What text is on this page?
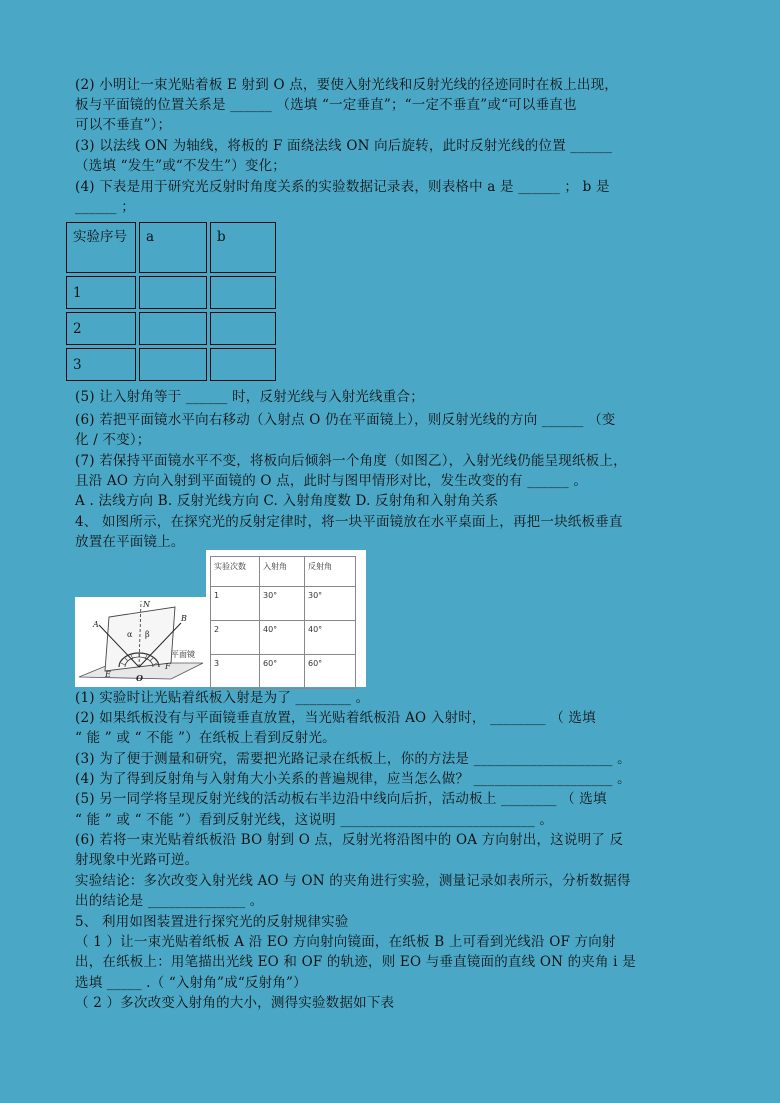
(2) 小明让一束光贴着板 E 射到 O 点，要使入射光线和反射光线的径迹同时在板上出现，
板与平面镜的位置关系是 ______ （选填 “一定垂直”；“一定不垂直”或“可以垂直也
可以不垂直”）；
(3) 以法线 ON 为轴线，将板的 F 面绕法线 ON 向后旋转，此时反射光线的位置 ______
（选填 “发生”或“不发生”）变化；
(4) 下表是用于研究光反射时角度关系的实验数据记录表，则表格中 a 是 ______ ； b 是
______ ；
实验序号	a	b
1		
2		
3		
(5) 让入射角等于 ______ 时，反射光线与入射光线重合；
(6) 若把平面镜水平向右移动（入射点 O 仍在平面镜上），则反射光线的方向 ______ （变
化 / 不变）；
(7) 若保持平面镜水平不变，将板向后倾斜一个角度（如图乙），入射光线仍能呈现纸板上，
且沿 AO 方向入射到平面镜的 O 点，此时与图甲情形对比，发生改变的有 ______ 。
A . 法线方向 B. 反射光线方向 C. 入射角度数 D. 反射角和入射角关系
4、 如图所示，在探究光的反射定律时，将一块平面镜放在水平桌面上，再把一块纸板垂直
放置在平面镜上。
N
A
B
α β
E	O
F
平面镜
实验次数	入射角	反射角
1	30°	30°
2	40°	40°
3	60°	60°
(1) 实验时让光贴着纸板入射是为了 ________ 。
(2) 如果纸板没有与平面镜垂直放置，当光贴着纸板沿 AO 入射时， ________ （ 选填
“ 能 ” 或 “ 不能 ”）在纸板上看到反射光。
(3) 为了便于测量和研究，需要把光路记录在纸板上，你的方法是 ____________________ 。
(4) 为了得到反射角与入射角大小关系的普遍规律，应当怎么做？ ____________________ 。
(5) 另一同学将呈现反射光线的活动板右半边沿中线向后折，活动板上 ________ （ 选填
“ 能 ” 或 “ 不能 ”）看到反射光线，这说明 ____________________________ 。
(6) 若将一束光贴着纸板沿 BO 射到 O 点，反射光将沿图中的 OA 方向射出，这说明了 反
射现象中光路可逆。
实验结论：多次改变入射光线 AO 与 ON 的夹角进行实验，测量记录如表所示，分析数据得
出的结论是 ______________ 。
5、 利用如图装置进行探究光的反射规律实验
（ 1 ）让一束光贴着纸板 A 沿 EO 方向射向镜面，在纸板 B 上可看到光线沿 OF 方向射
出，在纸板上：用笔描出光线 EO 和 OF 的轨迹，则 EO 与垂直镜面的直线 ON 的夹角 i 是
选填 _____ .（ “入射角”成“反射角”）
（ 2 ）多次改变入射角的大小，测得实验数据如下表
